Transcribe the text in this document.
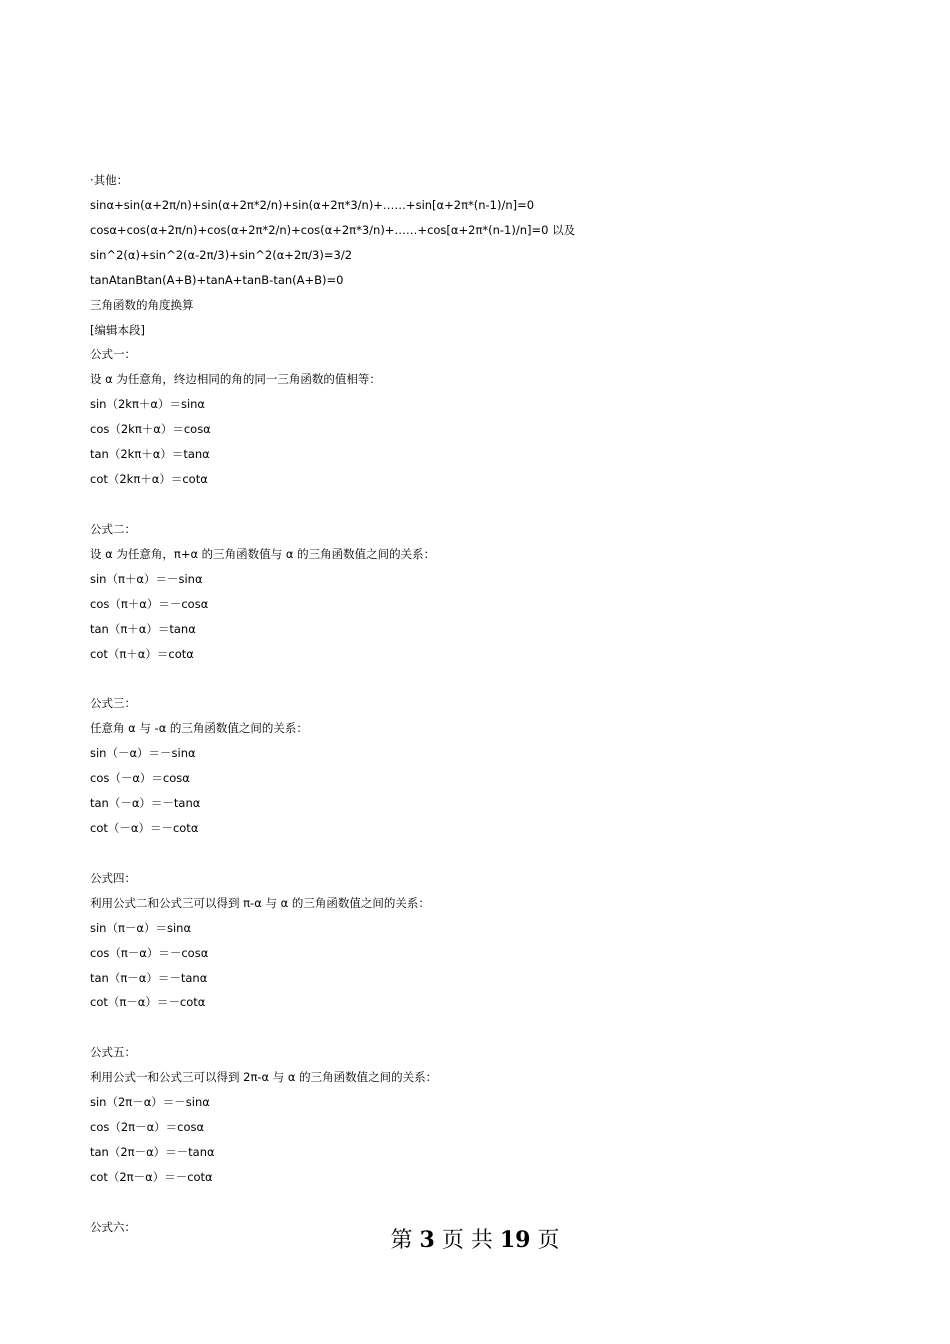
·其他：
sinα+sin(α+2π/n)+sin(α+2π*2/n)+sin(α+2π*3/n)+……+sin[α+2π*(n-1)/n]=0
cosα+cos(α+2π/n)+cos(α+2π*2/n)+cos(α+2π*3/n)+……+cos[α+2π*(n-1)/n]=0 以及
sin^2(α)+sin^2(α-2π/3)+sin^2(α+2π/3)=3/2
tanAtanBtan(A+B)+tanA+tanB-tan(A+B)=0
三角函数的角度换算
[编辑本段]
公式一：
设 α 为任意角，终边相同的角的同一三角函数的值相等：
sin（2kπ＋α）＝sinα
cos（2kπ＋α）＝cosα
tan（2kπ＋α）＝tanα
cot（2kπ＋α）＝cotα
公式二：
设 α 为任意角，π+α 的三角函数值与 α 的三角函数值之间的关系：
sin（π＋α）＝－sinα
cos（π＋α）＝－cosα
tan（π＋α）＝tanα
cot（π＋α）＝cotα
公式三：
任意角 α 与 -α 的三角函数值之间的关系：
sin（－α）＝－sinα
cos（－α）＝cosα
tan（－α）＝－tanα
cot（－α）＝－cotα
公式四：
利用公式二和公式三可以得到 π-α 与 α 的三角函数值之间的关系：
sin（π－α）＝sinα
cos（π－α）＝－cosα
tan（π－α）＝－tanα
cot（π－α）＝－cotα
公式五：
利用公式一和公式三可以得到 2π-α 与 α 的三角函数值之间的关系：
sin（2π－α）＝－sinα
cos（2π－α）＝cosα
tan（2π－α）＝－tanα
cot（2π－α）＝－cotα
公式六：
第 3 页 共 19 页
